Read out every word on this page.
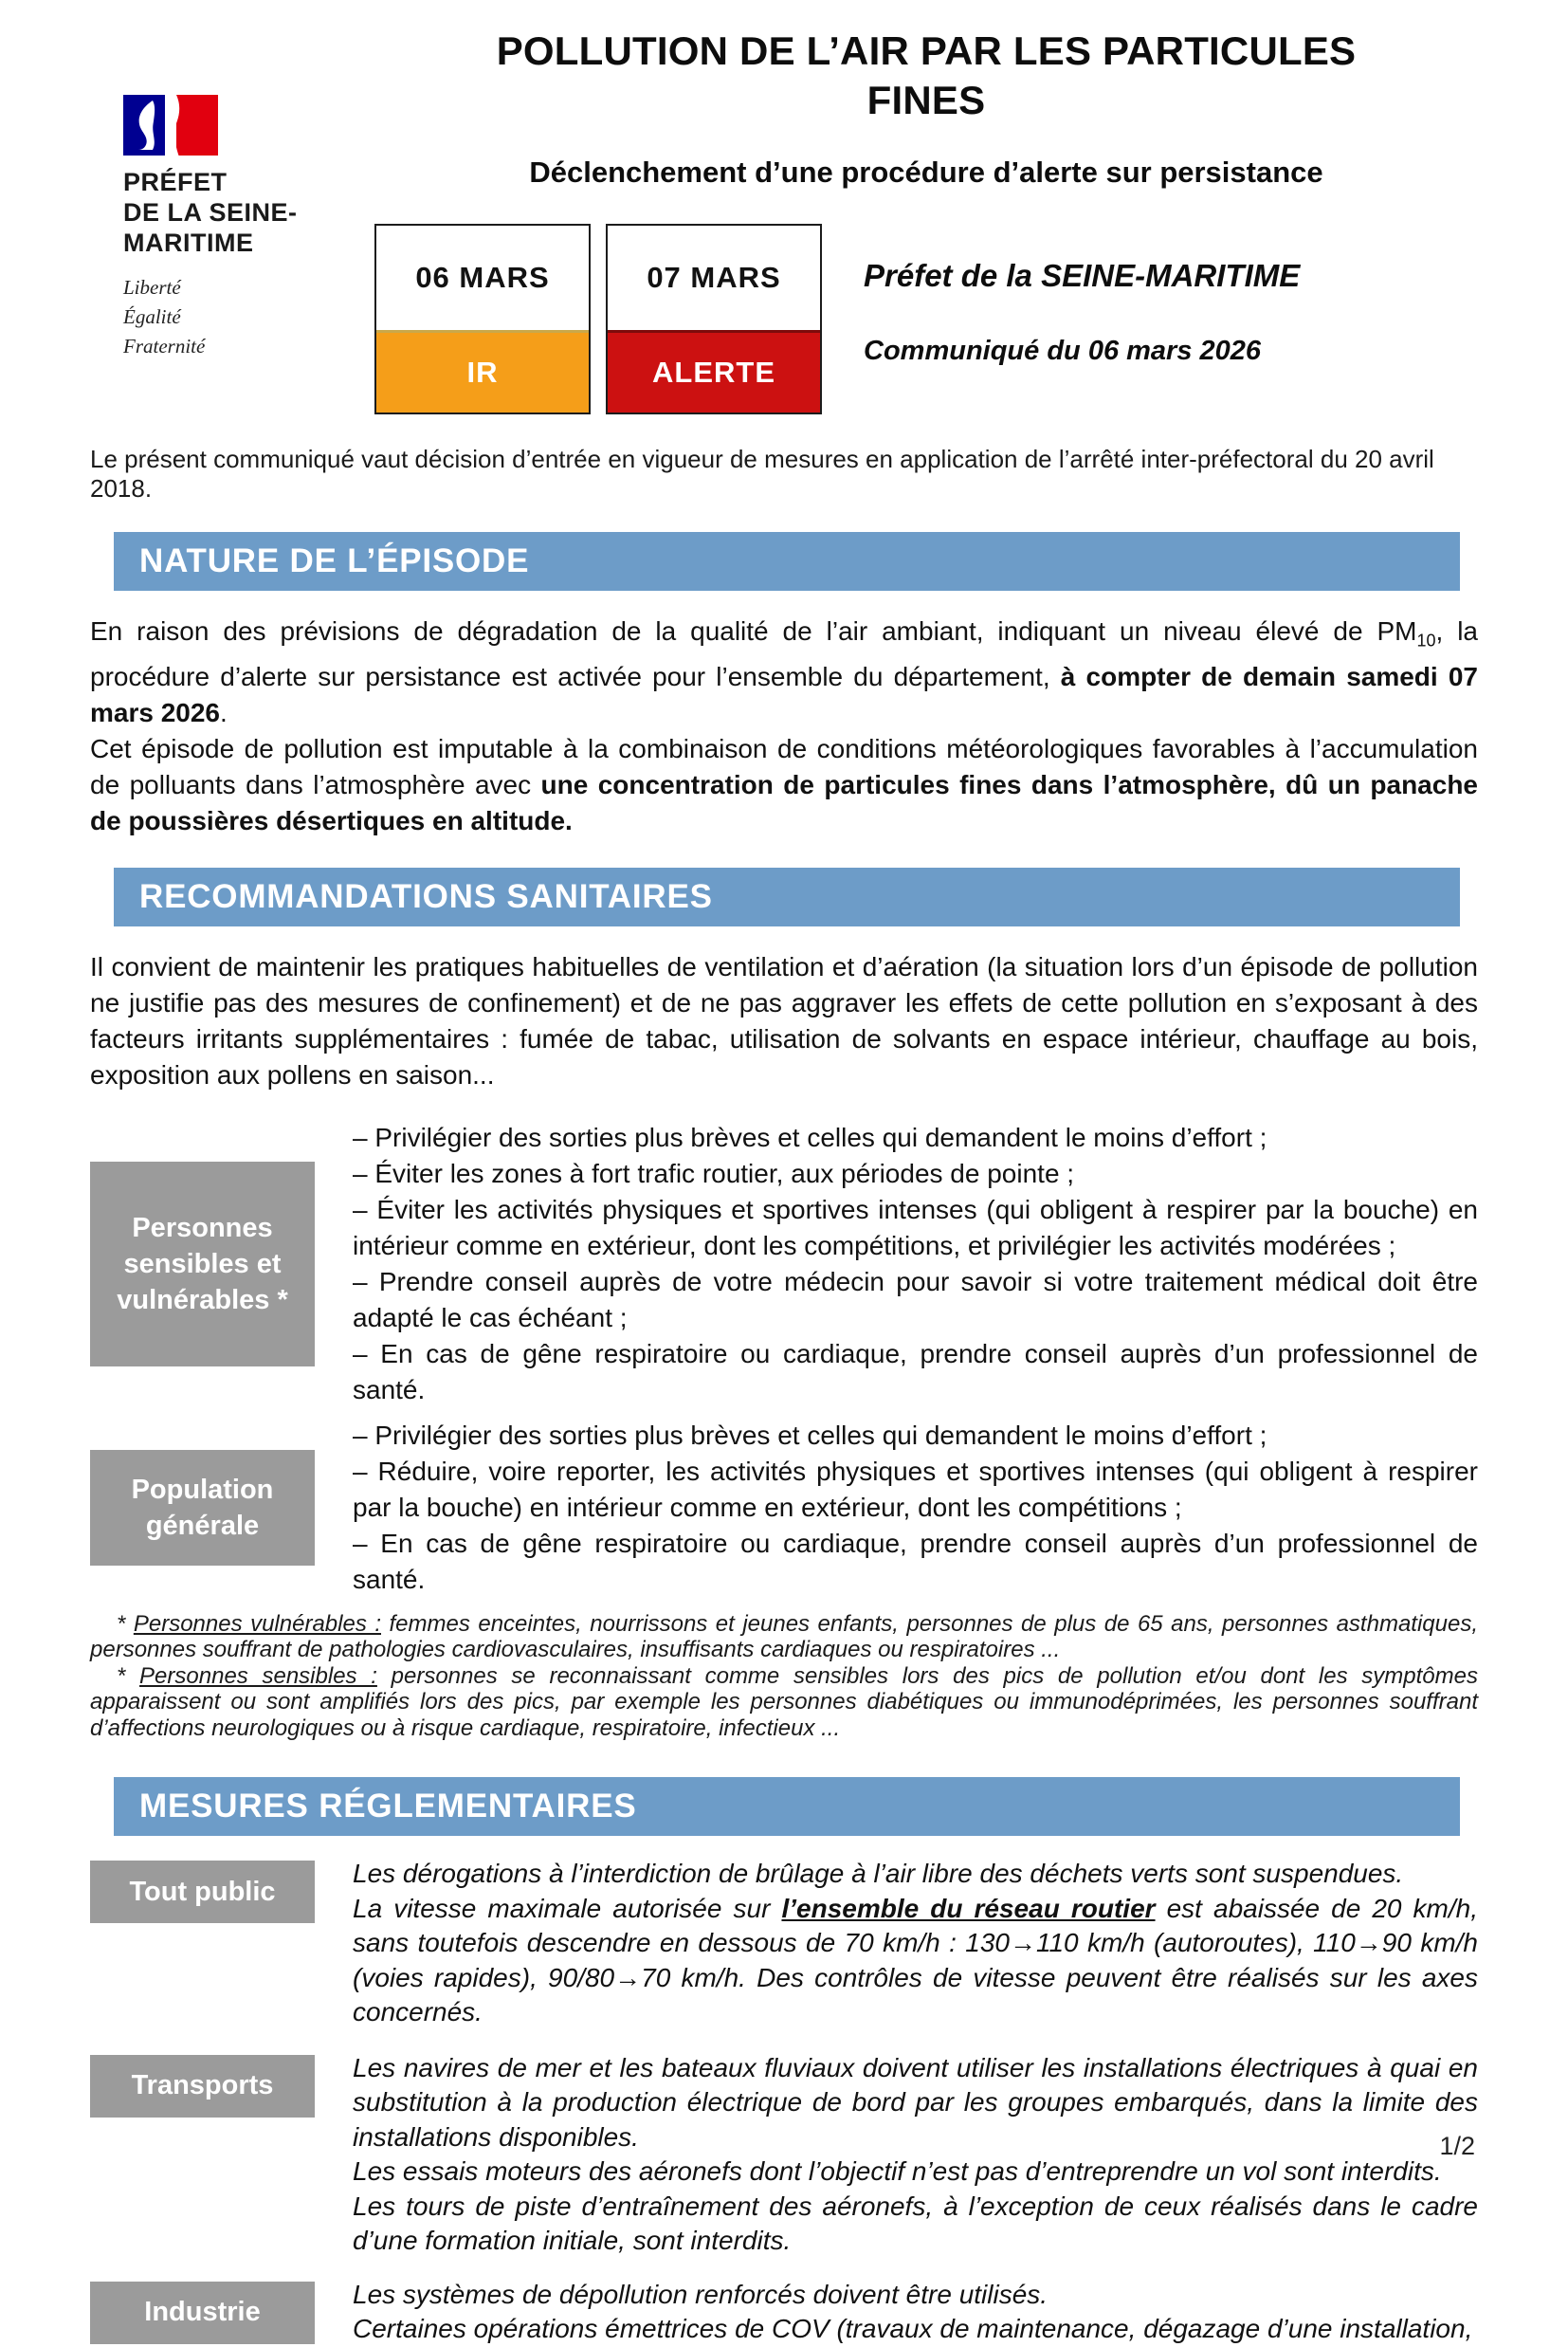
PRÉFET
DE LA SEINE-
MARITIME
Liberté
Égalité
Fraternité
POLLUTION DE L’AIR PAR LES PARTICULES
FINES
Déclenchement d’une procédure d’alerte sur persistance
06 MARS
IR
07 MARS
ALERTE
Préfet de la SEINE-MARITIME
Communiqué du 06 mars 2026
Le présent communiqué vaut décision d’entrée en vigueur de mesures en application de l’arrêté inter-préfectoral du 20 avril 2018.
NATURE DE L’ÉPISODE

En raison des prévisions de dégradation de la qualité de l’air ambiant, indiquant un niveau élevé de $PM_{10}$, la procédure d’alerte sur persistance est activée pour l’ensemble du département, à compter de demain samedi 07 mars 2026.
Cet épisode de pollution est imputable à la combinaison de conditions météorologiques favorables à l’accumulation de polluants dans l’atmosphère avec une concentration de particules fines dans l’atmosphère, dû un panache de poussières désertiques en altitude.

RECOMMANDATIONS SANITAIRES

Il convient de maintenir les pratiques habituelles de ventilation et d’aération (la situation lors d’un épisode de pollution ne justifie pas des mesures de confinement) et de ne pas aggraver les effets de cette pollution en s’exposant à des facteurs irritants supplémentaires : fumée de tabac, utilisation de solvants en espace intérieur, chauffage au bois, exposition aux pollens en saison...

Personnes sensibles et vulnérables *

– Privilégier des sorties plus brèves et celles qui demandent le moins d’effort ;

– Éviter les zones à fort trafic routier, aux périodes de pointe ;

– Éviter les activités physiques et sportives intenses (qui obligent à respirer par la bouche) en intérieur comme en extérieur, dont les compétitions, et privilégier les activités modérées ;

– Prendre conseil auprès de votre médecin pour savoir si votre traitement médical doit être adapté le cas échéant ;

– En cas de gêne respiratoire ou cardiaque, prendre conseil auprès d’un professionnel de santé.

Population générale

– Privilégier des sorties plus brèves et celles qui demandent le moins d’effort ;

– Réduire, voire reporter, les activités physiques et sportives intenses (qui obligent à respirer par la bouche) en intérieur comme en extérieur, dont les compétitions ;

– En cas de gêne respiratoire ou cardiaque, prendre conseil auprès d’un professionnel de santé.

* Personnes vulnérables : femmes enceintes, nourrissons et jeunes enfants, personnes de plus de 65 ans, personnes asthmatiques, personnes souffrant de pathologies cardiovasculaires, insuffisants cardiaques ou respiratoires ...

* Personnes sensibles : personnes se reconnaissant comme sensibles lors des pics de pollution et/ou dont les symptômes apparaissent ou sont amplifiés lors des pics, par exemple les personnes diabétiques ou immunodéprimées, les personnes souffrant d’affections neurologiques ou à risque cardiaque, respiratoire, infectieux ...

MESURES RÉGLEMENTAIRES
Tout public

Les dérogations à l’interdiction de brûlage à l’air libre des déchets verts sont suspendues.

La vitesse maximale autorisée sur l’ensemble du réseau routier est abaissée de 20 km/h, sans toutefois descendre en dessous de 70 km/h : 130→110 km/h (autoroutes), 110→90 km/h (voies rapides), 90/80→70 km/h. Des contrôles de vitesse peuvent être réalisés sur les axes concernés.

Transports

Les navires de mer et les bateaux fluviaux doivent utiliser les installations électriques à quai en substitution à la production électrique de bord par les groupes embarqués, dans la limite des installations disponibles.

Les essais moteurs des aéronefs dont l’objectif n’est pas d’entreprendre un vol sont interdits.

Les tours de piste d’entraînement des aéronefs, à l’exception de ceux réalisés dans le cadre d’une formation initiale, sont interdits.

Industrie

Les systèmes de dépollution renforcés doivent être utilisés.

Certaines opérations émettrices de COV (travaux de maintenance, dégazage d’une installation,

1/2
